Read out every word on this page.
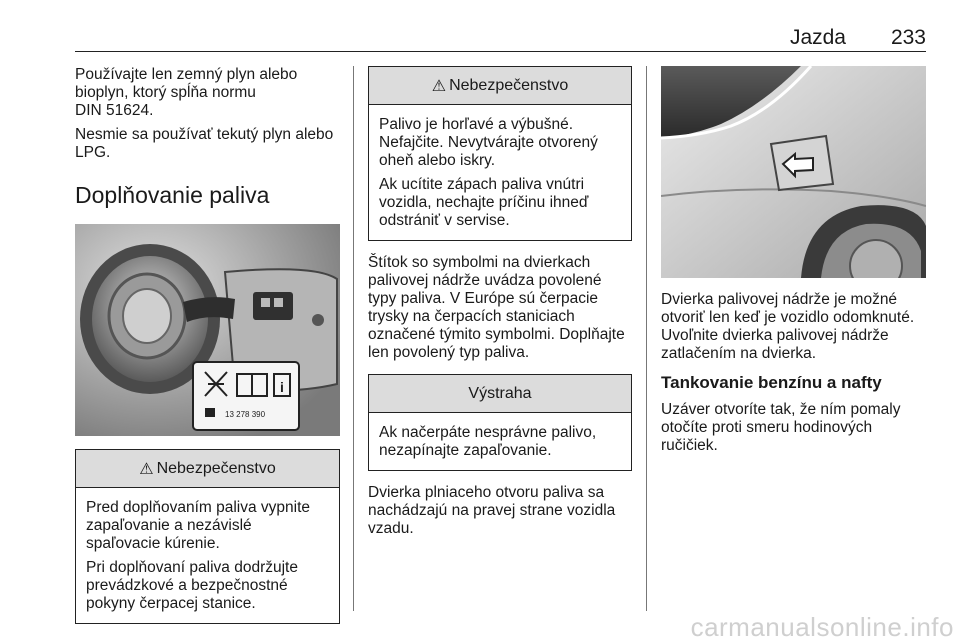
Jazda 233
Používajte len zemný plyn alebo
bioplyn, ktorý spĺňa normu
DIN 51624.
Nesmie sa používať tekutý plyn alebo
LPG.
Doplňovanie paliva
i
13 278 390
⚠ Nebezpečenstvo
Pred doplňovaním paliva vypnite
zapaľovanie a nezávislé
spaľovacie kúrenie.
Pri doplňovaní paliva dodržujte
prevádzkové a bezpečnostné
pokyny čerpacej stanice.
⚠ Nebezpečenstvo
Palivo je horľavé a výbušné.
Nefajčite. Nevytvárajte otvorený
oheň alebo iskry.
Ak ucítite zápach paliva vnútri
vozidla, nechajte príčinu ihneď
odstrániť v servise.
Štítok so symbolmi na dvierkach
palivovej nádrže uvádza povolené
typy paliva. V Európe sú čerpacie
trysky na čerpacích staniciach
označené týmito symbolmi. Doplňajte
len povolený typ paliva.
Výstraha
Ak načerpáte nesprávne palivo,
nezapínajte zapaľovanie.
Dvierka plniaceho otvoru paliva sa
nachádzajú na pravej strane vozidla
vzadu.
Dvierka palivovej nádrže je možné
otvoriť len keď je vozidlo odomknuté.
Uvoľnite dvierka palivovej nádrže
zatlačením na dvierka.
Tankovanie benzínu a nafty
Uzáver otvoríte tak, že ním pomaly
otočíte proti smeru hodinových
ručičiek.
carmanualsonline.info
